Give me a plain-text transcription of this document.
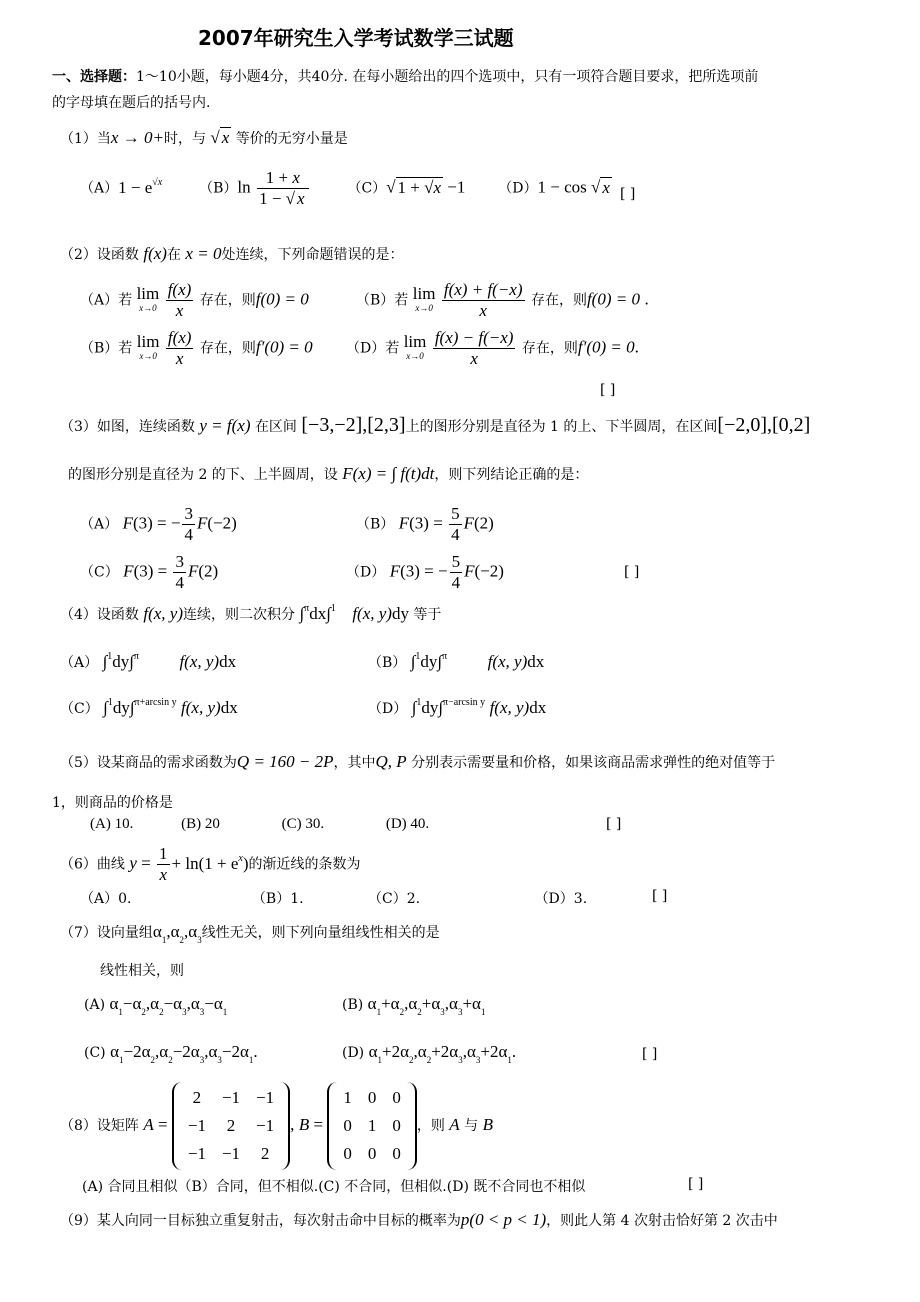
2007年研究生入学考试数学三试题
一、选择题：1～10小题，每小题4分，共40分. 在每小题给出的四个选项中，只有一项符合题目要求，把所选项前
的字母填在题后的括号内.
（1）当x → 0+时，与 √ x 等价的无穷小量是
$(A)1 - e^{√x}$	$(B)\ln \frac{1 + x}{1 - √ x}$	（C）√ 1 + √x −1 （D）1 − cos √ x [ ]
（2）设函数 f(x)在 x = 0处连续，下列命题错误的是：
（A）若 lim
x→0
$\frac{f(x)}{x}$ 存在，则f(0) = 0	（B）若 lim
x→0
$\frac{f(x) + f(-x)}{x}$ 存在，则f(0) = 0 .
（B）若 lim
x→0
$\frac{f(x)}{x}$ 存在，则f′(0) = 0 （D）若 lim
x→0
$\frac{f(x) - f(-x)}{x}$ 存在，则f′(0) = 0.
[ ]
（3）如图，连续函数 y = f(x) 在区间 [−3,−2],[2,3]上的图形分别是直径为 1 的上、下半圆周，在区间[−2,0],[0,2]
的图形分别是直径为 2 的下、上半圆周，设 F(x) = ∫ f(t)dt，则下列结论正确的是：
（A） F(3) = − $\frac{3}{4} F(-2)$	（B） $F(3) = \frac{5}{4} F(2)$
（C） $F(3) = \frac{3}{4} F(2)$	（D） F(3) = − $\frac{5}{4} F(-2)$	[ ]
（4）设函数 f(x, y)连续，则二次积分 ∫$^\pi$dx∫$^1$ f(x, y)dy 等于
（A） ∫$^1$dy∫$^\pi$ f(x, y)dx	（B） ∫$^1$dy∫$^\pi$ f(x, y)dx
（C） ∫$^1$dy∫$^{\pi+arcsin y}$ f(x, y)dx	（D） ∫$^1$dy∫$^{\pi-arcsin y}$ f(x, y)dx
（5）设某商品的需求函数为Q = 160 − 2P，其中Q, P 分别表示需要量和价格，如果该商品需求弹性的绝对值等于
1，则商品的价格是
(A) 10.	(B) 20	(C) 30.	(D) 40.	[ ]
（6）曲线 $y = \frac{1}{x} + \ln(1 + e^x)$的渐近线的条数为
（A）0.	（B）1.	（C）2.	（D）3.	[ ]
（7）设向量组$\alpha_1,\alpha_2,\alpha_3$线性无关，则下列向量组线性相关的是
线性相关，则
(A) $\alpha_1-\alpha_2,\alpha_2-\alpha_3,\alpha_3-\alpha_1$	(B) $\alpha_1+\alpha_2,\alpha_2+\alpha_3,\alpha_3+\alpha_1$
(C) $\alpha_1-2\alpha_2,\alpha_2-2\alpha_3,\alpha_3-2\alpha_1$.	(D) $\alpha_1+2\alpha_2,\alpha_2+2\alpha_3,\alpha_3+2\alpha_1$.	[ ]
（8）设矩阵 A =
2	−1	−1
−1	2	−1
−1	−1	2
, B =
1	0	0
0	1	0
0	0	0
，则 A 与 B
(A) 合同且相似（B）合同，但不相似.(C) 不合同，但相似.(D) 既不合同也不相似	[ ]
（9）某人向同一目标独立重复射击，每次射击命中目标的概率为p(0 < p < 1)，则此人第 4 次射击恰好第 2 次击中
